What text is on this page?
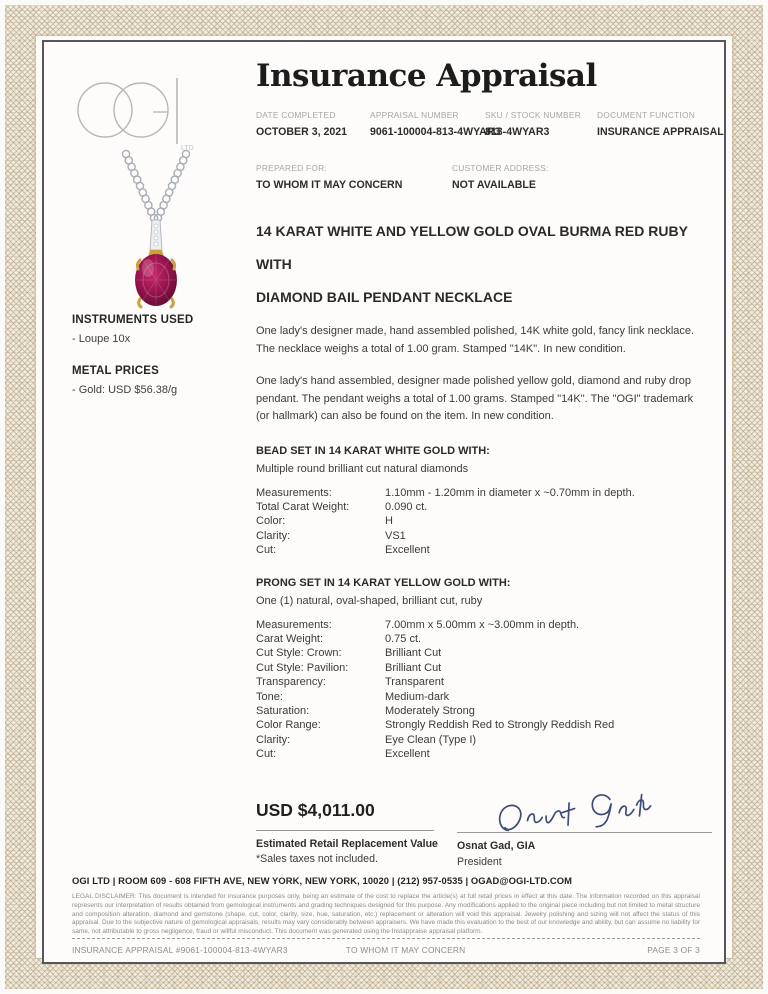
LTD
INSTRUMENTS USED
- Loupe 10x
METAL PRICES
- Gold: USD $56.38/g
Insurance Appraisal
DATE COMPLETED
OCTOBER 3, 2021
APPRAISAL NUMBER
9061-100004-813-4WYAR3
SKU / STOCK NUMBER
813-4WYAR3
DOCUMENT FUNCTION
INSURANCE APPRAISAL
PREPARED FOR:
TO WHOM IT MAY CONCERN
CUSTOMER ADDRESS:
NOT AVAILABLE
14 KARAT WHITE AND YELLOW GOLD OVAL BURMA RED RUBY WITH
DIAMOND BAIL PENDANT NECKLACE
One lady's designer made, hand assembled polished, 14K white gold, fancy link necklace. The necklace weighs a total of 1.00 gram. Stamped "14K". In new condition.
One lady's hand assembled, designer made polished yellow gold, diamond and ruby drop pendant. The pendant weighs a total of 1.00 grams. Stamped "14K". The "OGI" trademark (or hallmark) can also be found on the item. In new condition.
BEAD SET IN 14 KARAT WHITE GOLD WITH:
Multiple round brilliant cut natural diamonds
Measurements:	1.10mm - 1.20mm in diameter x ~0.70mm in depth.
Total Carat Weight:	0.090 ct.
Color:	H
Clarity:	VS1
Cut:	Excellent
PRONG SET IN 14 KARAT YELLOW GOLD WITH:
One (1) natural, oval-shaped, brilliant cut, ruby
Measurements:	7.00mm x 5.00mm x ~3.00mm in depth.
Carat Weight:	0.75 ct.
Cut Style: Crown:	Brilliant Cut
Cut Style: Pavilion:	Brilliant Cut
Transparency:	Transparent
Tone:	Medium-dark
Saturation:	Moderately Strong
Color Range:	Strongly Reddish Red to Strongly Reddish Red
Clarity:	Eye Clean (Type I)
Cut:	Excellent
USD $4,011.00
Estimated Retail Replacement Value
*Sales taxes not included.
Osnat Gad, GIA
President
OGI LTD | ROOM 609 - 608 FIFTH AVE, NEW YORK, NEW YORK, 10020 | (212) 957-0535 | OGAD@OGI-LTD.COM
LEGAL DISCLAIMER: This document is intended for insurance purposes only, being an estimate of the cost to replace the article(s) at full retail prices in effect at this date. The information recorded on this appraisal represents our interpretation of results obtained from gemological instruments and grading techniques designed for this purpose. Any modifications applied to the original piece including but not limited to metal structure and composition alteration, diamond and gemstone (shape, cut, color, clarity, size, hue, saturation, etc.) replacement or alteration will void this appraisal. Jewelry polishing and sizing will not affect the status of this appraisal. Due to the subjective nature of gemological appraisals, results may vary considerably between appraisers. We have made this evaluation to the best of our knowledge and ability, but can assume no liability for same, not attributable to gross negligence, fraud or willful misconduct. This document was generated using the Instappraise appraisal platform.
INSURANCE APPRAISAL #9061-100004-813-4WYAR3	TO WHOM IT MAY CONCERN	PAGE 3 OF 3
